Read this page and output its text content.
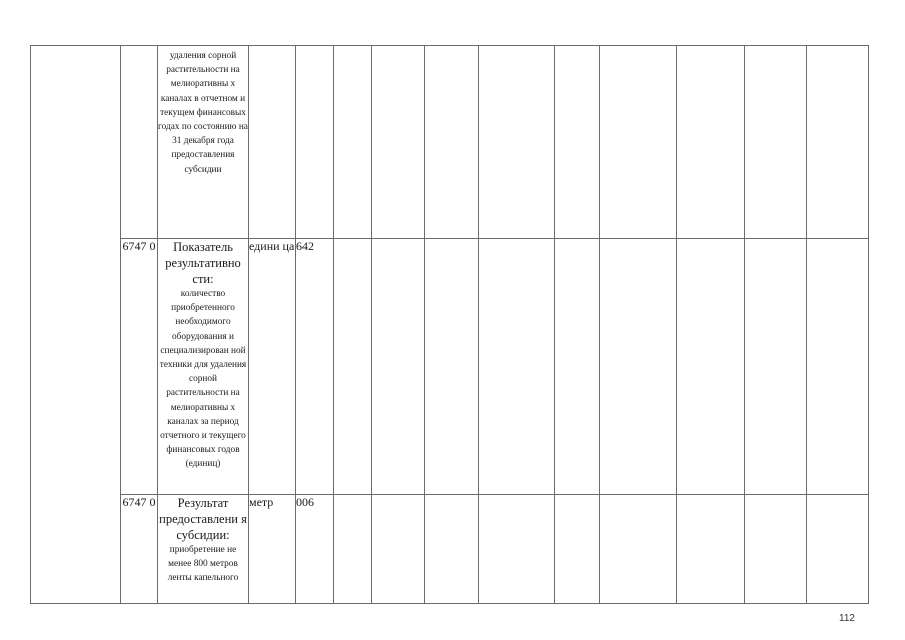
		удаления сорной растительности на мелиоративны х каналах в отчетном и текущем финансовых годах по состоянию на 31 декабря года предоставления субсидии											

	6747 0	Показатель результативно сти:
количество приобретенного необходимого оборудования и специализирован ной техники для удаления сорной растительности на мелиоративны х каналах за период отчетного и текущего финансовых годов (единиц)	едини ца	642									
	6747 0	Результат предоставлени я субсидии:
приобретение не менее 800 метров ленты капельного	метр	006									
112
